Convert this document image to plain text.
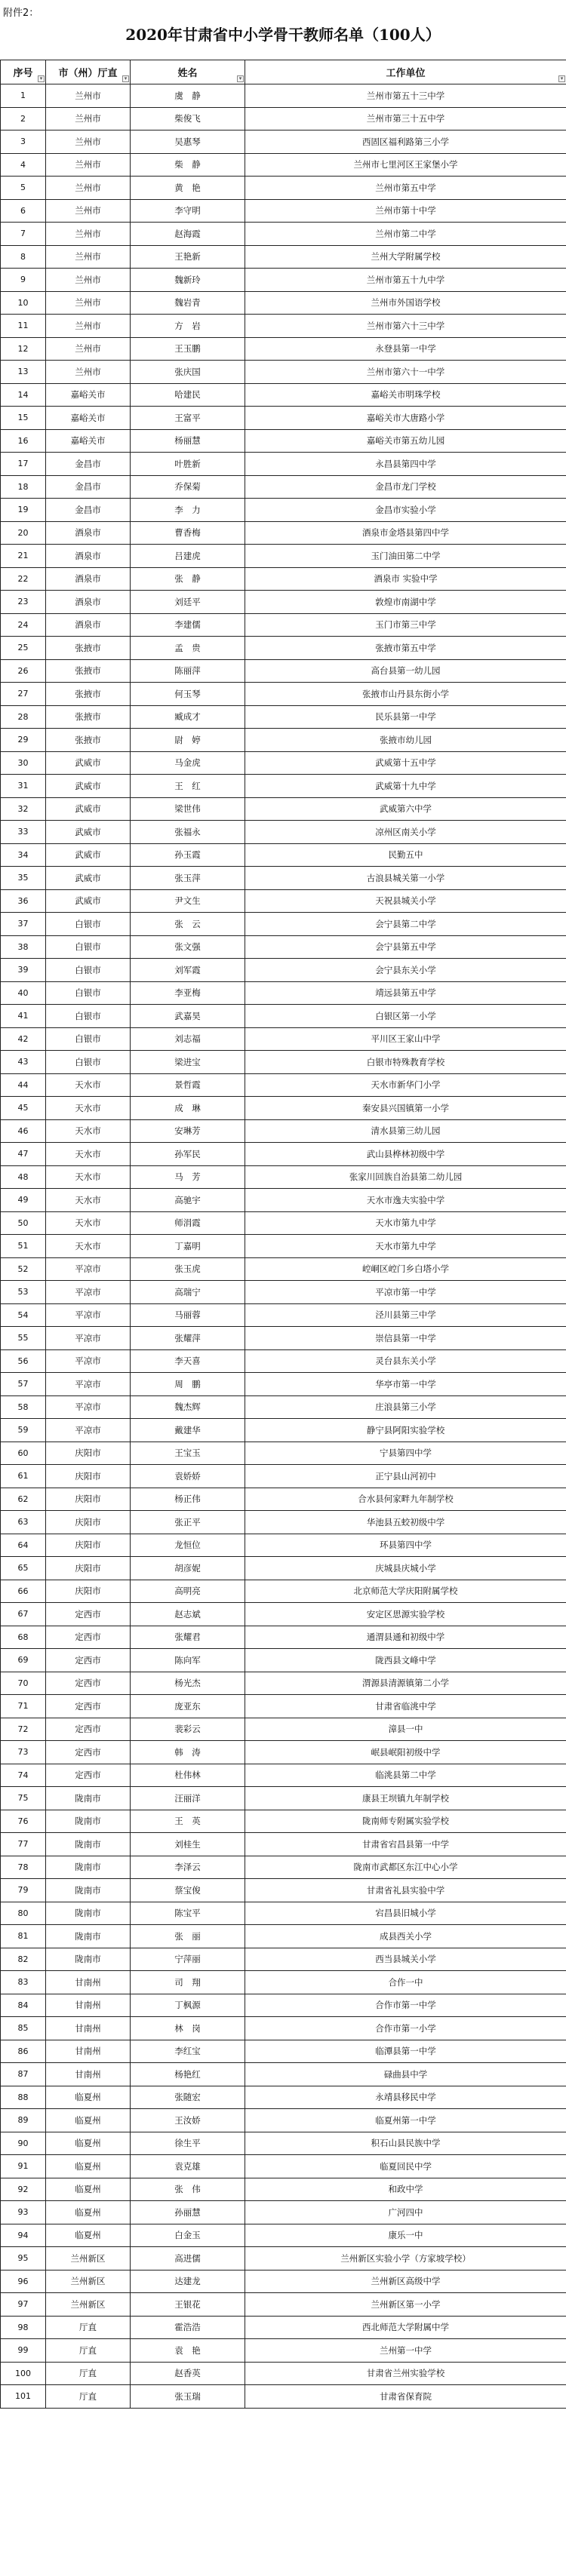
附件2：
2020年甘肃省中小学骨干教师名单（100人）
序号 ▾	市（州）厅直 ▾	姓名 ▾	工作单位 ▾

1	兰州市	虞　静	兰州市第五十三中学
2	兰州市	柴俊飞	兰州市第三十五中学
3	兰州市	吴惠琴	西固区福利路第三小学
4	兰州市	柴　静	兰州市七里河区王家堡小学
5	兰州市	黄　艳	兰州市第五中学
6	兰州市	李守明	兰州市第十中学
7	兰州市	赵海霞	兰州市第二中学
8	兰州市	王艳新	兰州大学附属学校
9	兰州市	魏新玲	兰州市第五十九中学
10	兰州市	魏岩青	兰州市外国语学校
11	兰州市	方　岩	兰州市第六十三中学
12	兰州市	王玉鹏	永登县第一中学
13	兰州市	张庆国	兰州市第六十一中学
14	嘉峪关市	哈建民	嘉峪关市明珠学校
15	嘉峪关市	王富平	嘉峪关市大唐路小学
16	嘉峪关市	杨丽慧	嘉峪关市第五幼儿园
17	金昌市	叶胜新	永昌县第四中学
18	金昌市	乔保菊	金昌市龙门学校
19	金昌市	李　力	金昌市实验小学
20	酒泉市	曹香梅	酒泉市金塔县第四中学
21	酒泉市	吕建虎	玉门油田第二中学
22	酒泉市	张　静	酒泉市 实验中学
23	酒泉市	刘廷平	敦煌市南湖中学
24	酒泉市	李建儒	玉门市第三中学
25	张掖市	孟　贵	张掖市第五中学
26	张掖市	陈丽萍	高台县第一幼儿园
27	张掖市	何玉琴	张掖市山丹县东街小学
28	张掖市	臧成才	民乐县第一中学
29	张掖市	尉　婷	张掖市幼儿园
30	武威市	马金虎	武威第十五中学
31	武威市	王　红	武威第十九中学
32	武威市	梁世伟	武威第六中学
33	武威市	张福永	凉州区南关小学
34	武威市	孙玉霞	民勤五中
35	武威市	张玉萍	古浪县城关第一小学
36	武威市	尹文生	天祝县城关小学
37	白银市	张　云	会宁县第二中学
38	白银市	张文强	会宁县第五中学
39	白银市	刘军霞	会宁县东关小学
40	白银市	李亚梅	靖远县第五中学
41	白银市	武嘉昊	白银区第一小学
42	白银市	刘志福	平川区王家山中学
43	白银市	梁进宝	白银市特殊教育学校
44	天水市	景哲霞	天水市新华门小学
45	天水市	成　琳	秦安县兴国镇第一小学
46	天水市	安琳芳	清水县第三幼儿园
47	天水市	孙军民	武山县桦林初级中学
48	天水市	马　芳	张家川回族自治县第二幼儿园
49	天水市	高驰宇	天水市逸夫实验中学
50	天水市	师涓霞	天水市第九中学
51	天水市	丁嘉明	天水市第九中学
52	平凉市	张玉虎	崆峒区崆门乡白塔小学
53	平凉市	高瑞宁	平凉市第一中学
54	平凉市	马丽蓉	泾川县第三中学
55	平凉市	张耀萍	崇信县第一中学
56	平凉市	李天喜	灵台县东关小学
57	平凉市	周　鹏	华亭市第一中学
58	平凉市	魏杰辉	庄浪县第三小学
59	平凉市	戴建华	静宁县阿阳实验学校
60	庆阳市	王宝玉	宁县第四中学
61	庆阳市	袁娇娇	正宁县山河初中
62	庆阳市	杨正伟	合水县何家畔九年制学校
63	庆阳市	张正平	华池县五蛟初级中学
64	庆阳市	龙恒位	环县第四中学
65	庆阳市	胡彦妮	庆城县庆城小学
66	庆阳市	高明亮	北京师范大学庆阳附属学校
67	定西市	赵志斌	安定区思源实验学校
68	定西市	张耀君	通渭县通和初级中学
69	定西市	陈向军	陇西县文峰中学
70	定西市	杨光杰	渭源县清源镇第二小学
71	定西市	庞亚东	甘肃省临洮中学
72	定西市	裴彩云	漳县一中
73	定西市	韩　涛	岷县岷阳初级中学
74	定西市	杜伟林	临洮县第二中学
75	陇南市	汪丽洋	康县王坝镇九年制学校
76	陇南市	王　英	陇南师专附属实验学校
77	陇南市	刘桂生	甘肃省宕昌县第一中学
78	陇南市	李泽云	陇南市武都区东江中心小学
79	陇南市	蔡宝俊	甘肃省礼县实验中学
80	陇南市	陈宝平	宕昌县旧城小学
81	陇南市	张　丽	成县西关小学
82	陇南市	宁萍丽	西当县城关小学
83	甘南州	司　翔	合作一中
84	甘南州	丁枫源	合作市第一中学
85	甘南州	林　岗	合作市第一小学
86	甘南州	李红宝	临潭县第一中学
87	甘南州	杨艳红	碌曲县中学
88	临夏州	张随宏	永靖县移民中学
89	临夏州	王汝娇	临夏州第一中学
90	临夏州	徐生平	积石山县民族中学
91	临夏州	袁克雄	临夏回民中学
92	临夏州	张　伟	和政中学
93	临夏州	孙丽慧	广河四中
94	临夏州	白金玉	康乐一中
95	兰州新区	高进儒	兰州新区实验小学（方家坡学校）
96	兰州新区	达建龙	兰州新区高级中学
97	兰州新区	王银花	兰州新区第一小学
98	厅直	霍浩浩	西北师范大学附属中学
99	厅直	袁　艳	兰州第一中学
100	厅直	赵香英	甘肃省兰州实验学校
101	厅直	张玉瑞	甘肃省保育院
